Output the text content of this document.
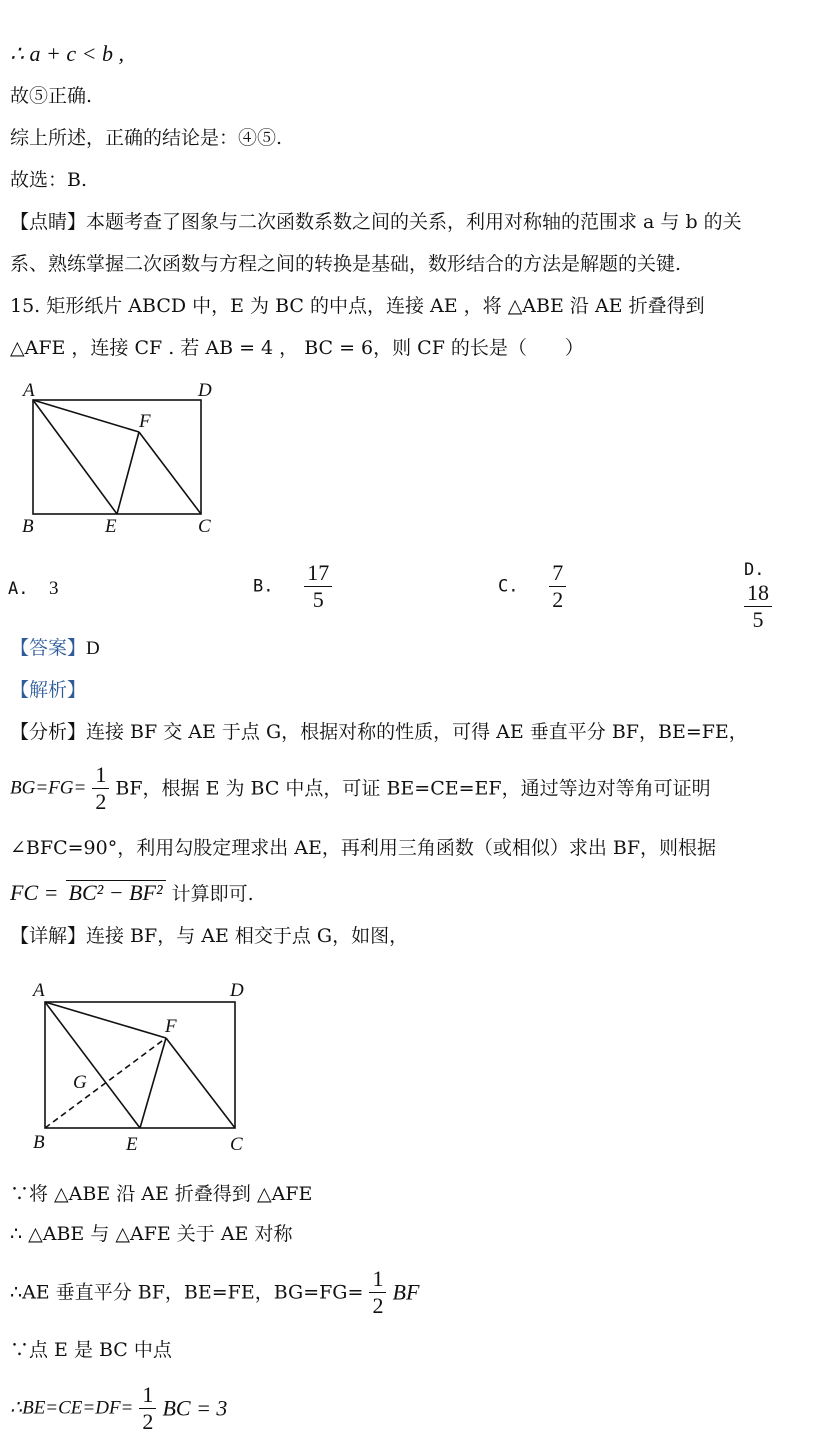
∴ a + c < b ,
故⑤正确.
综上所述，正确的结论是：④⑤.
故选：B.
【点睛】本题考查了图象与二次函数系数之间的关系，利用对称轴的范围求 a 与 b 的关
系、熟练掌握二次函数与方程之间的转换是基础，数形结合的方法是解题的关键.
15. 矩形纸片 ABCD 中，E 为 BC 的中点，连接 AE ，将 △ABE 沿 AE 折叠得到
△AFE ，连接 CF . 若 AB = 4 ， BC = 6，则 CF 的长是（　　）
A	D
F
B	E	C
A. 3	B. $\frac{17}{5}$	C. $\frac{7}{2}$	D.
$\frac{18}{5}$
【答案】D
【解析】
【分析】连接 BF 交 AE 于点 G，根据对称的性质，可得 AE 垂直平分 BF，BE=FE，
$BG=FG= \frac{1}{2}$ BF，根据 E 为 BC 中点，可证 BE=CE=EF，通过等边对等角可证明
∠BFC=90°，利用勾股定理求出 AE，再利用三角函数（或相似）求出 BF，则根据
FC = BC² − BF² 计算即可.
【详解】连接 BF，与 AE 相交于点 G，如图，
A	D
F
G
B	E	C
∵将 △ABE 沿 AE 折叠得到 △AFE
∴ △ABE 与 △AFE 关于 AE 对称
∴AE 垂直平分 BF，BE=FE，$BG=FG= \frac{1}{2}$ BF
∵点 E 是 BC 中点
∴BE=CE=DF= $\frac{1}{2}$ BC = 3
